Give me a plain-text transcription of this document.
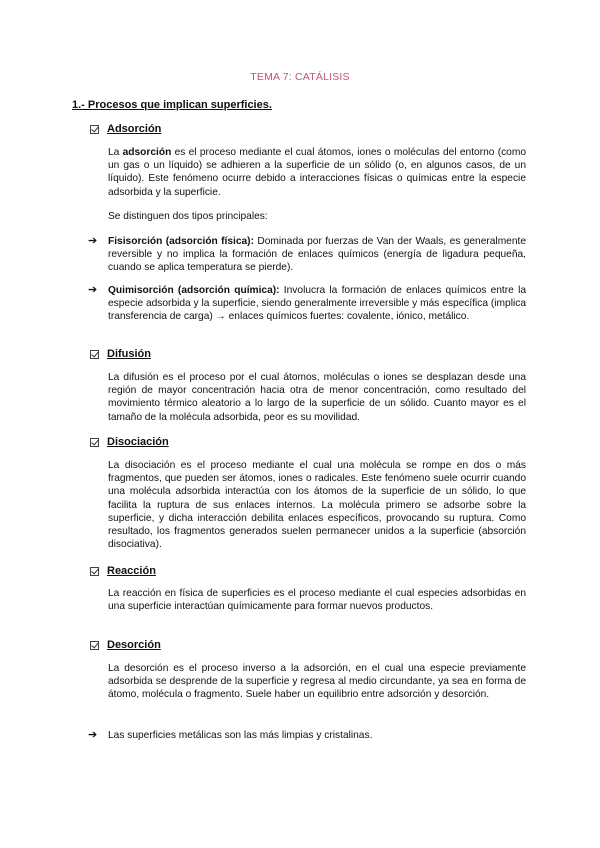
TEMA 7: CATÁLISIS
1.- Procesos que implican superficies.
Adsorción
La adsorción es el proceso mediante el cual átomos, iones o moléculas del entorno (como un gas o un líquido) se adhieren a la superficie de un sólido (o, en algunos casos, de un líquido). Este fenómeno ocurre debido a interacciones físicas o químicas entre la especie adsorbida y la superficie.
Se distinguen dos tipos principales:
➔	Fisisorción (adsorción física): Dominada por fuerzas de Van der Waals, es generalmente reversible y no implica la formación de enlaces químicos (energía de ligadura pequeña, cuando se aplica temperatura se pierde).
➔	Quimisorción (adsorción química): Involucra la formación de enlaces químicos entre la especie adsorbida y la superficie, siendo generalmente irreversible y más específica (implica transferencia de carga) → enlaces químicos fuertes: covalente, iónico, metálico.
Difusión
La difusión es el proceso por el cual átomos, moléculas o iones se desplazan desde una región de mayor concentración hacia otra de menor concentración, como resultado del movimiento térmico aleatorio a lo largo de la superficie de un sólido. Cuanto mayor es el tamaño de la molécula adsorbida, peor es su movilidad.
Disociación
La disociación es el proceso mediante el cual una molécula se rompe en dos o más fragmentos, que pueden ser átomos, iones o radicales. Este fenómeno suele ocurrir cuando una molécula adsorbida interactúa con los átomos de la superficie de un sólido, lo que facilita la ruptura de sus enlaces internos. La molécula primero se adsorbe sobre la superficie, y dicha interacción debilita enlaces específicos, provocando su ruptura. Como resultado, los fragmentos generados suelen permanecer unidos a la superficie (absorción disociativa).
Reacción
La reacción en física de superficies es el proceso mediante el cual especies adsorbidas en una superficie interactúan químicamente para formar nuevos productos.
Desorción
La desorción es el proceso inverso a la adsorción, en el cual una especie previamente adsorbida se desprende de la superficie y regresa al medio circundante, ya sea en forma de átomo, molécula o fragmento. Suele haber un equilibrio entre adsorción y desorción.
➔	Las superficies metálicas son las más limpias y cristalinas.
